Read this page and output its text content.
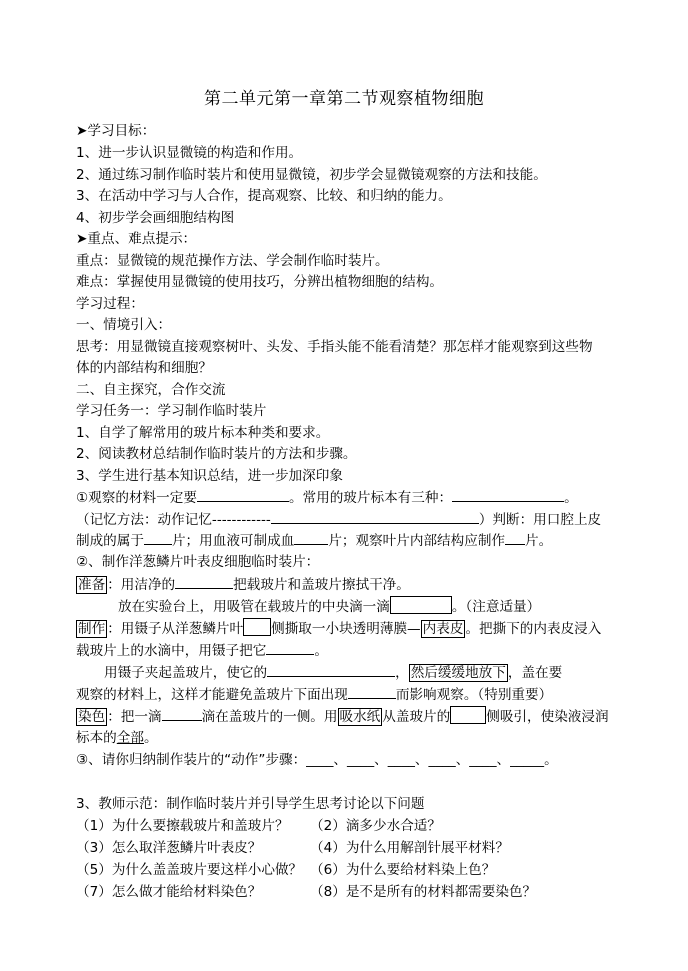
第二单元第一章第二节观察植物细胞
➤学习目标：
1、进一步认识显微镜的构造和作用。
2、通过练习制作临时装片和使用显微镜，初步学会显微镜观察的方法和技能。
3、在活动中学习与人合作，提高观察、比较、和归纳的能力。
4、初步学会画细胞结构图
➤重点、难点提示：
重点：显微镜的规范操作方法、学会制作临时装片。
难点：掌握使用显微镜的使用技巧，分辨出植物细胞的结构。
学习过程：
一、情境引入：
思考：用显微镜直接观察树叶、头发、手指头能不能看清楚？那怎样才能观察到这些物
体的内部结构和细胞？
二、自主探究，合作交流
学习任务一：学习制作临时装片
1、自学了解常用的玻片标本种类和要求。
2、阅读教材总结制作临时装片的方法和步骤。
3、学生进行基本知识总结，进一步加深印象
①观察的材料一定要	。常用的玻片标本有三种：	。
（记忆方法：动作记忆------------	）判断：用口腔上皮
制成的属于 片；用血液可制成血	片；观察叶片内部结构应制作 片。
②、制作洋葱鳞片叶表皮细胞临时装片：
准备 ：用洁净的	把载玻片和盖玻片擦拭干净。
放在实验台上，用吸管在载玻片的中央滴一滴	。（注意适量）
制作 ：用镊子从洋葱鳞片叶 侧撕取一小块透明薄膜— 内表皮 。把撕下的内表皮浸入
载玻片上的水滴中，用镊子把它	。
用镊子夹起盖玻片，使它的	， 然后缓缓地放下 ，盖在要
观察的材料上，这样才能避免盖玻片下面出现	而影响观察。（特别重要）
染色 ：把一滴	滴在盖玻片的一侧。用 吸水纸 从盖玻片的	侧吸引，使染液浸润
标本的全部。
③、请你归纳制作装片的“动作”步骤：____、____、____、____、____、_____。
3、教师示范：制作临时装片并引导学生思考讨论以下问题
（1）为什么要擦载玻片和盖玻片？ （2）滴多少水合适？
（3）怎么取洋葱鳞片叶表皮？	（4）为什么用解剖针展平材料？
（5）为什么盖盖玻片要这样小心做？ （6）为什么要给材料染上色？
（7）怎么做才能给材料染色？	（8）是不是所有的材料都需要染色？
